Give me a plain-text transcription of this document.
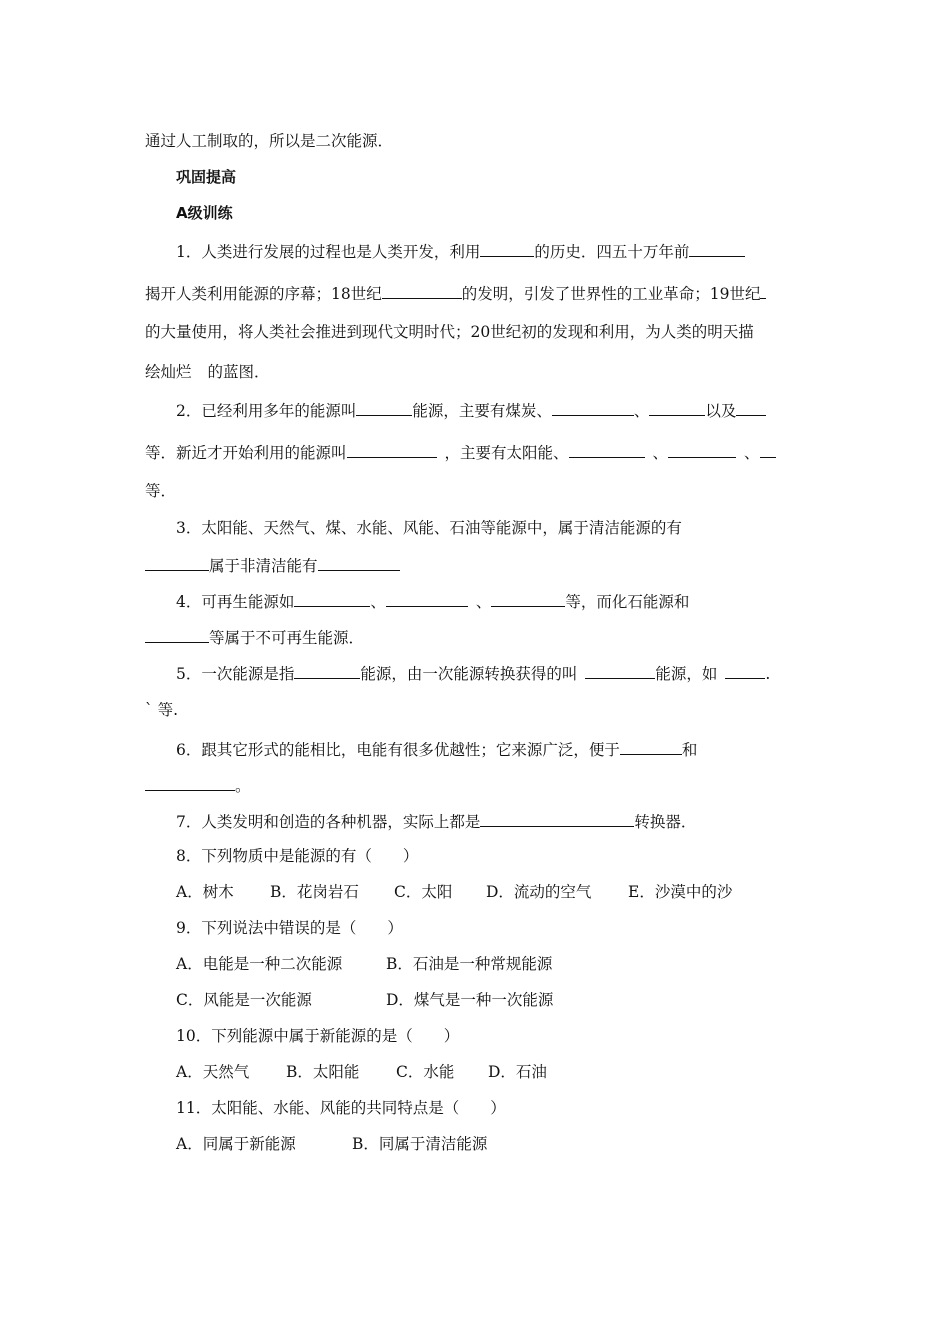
通过人工制取的，所以是二次能源．
巩固提高
A级训练
1．人类进行发展的过程也是人类开发，利用	的历史．四五十万年前
揭开人类利用能源的序幕；18世纪	的发明，引发了世界性的工业革命；19世纪
的大量使用，将人类社会推进到现代文明时代；20世纪初的发现和利用，为人类的明天描
绘灿烂 的蓝图．
2．已经利用多年的能源叫	能源，主要有煤炭、	、	以及
等．新近才开始利用的能源叫	，主要有太阳能、	、	、
等．
3．太阳能、天然气、煤、水能、风能、石油等能源中，属于清洁能源的有
属于非清洁能有
4．可再生能源如	、	、	等，而化石能源和
等属于不可再生能源．
5．一次能源是指	能源，由一次能源转换获得的叫	能源，如	.
` 等.
6．跟其它形式的能相比，电能有很多优越性；它来源广泛，便于	和
。
7．人类发明和创造的各种机器，实际上都是	转换器．
8．下列物质中是能源的有（　　）
A．树木 B．花岗岩石 C．太阳 D．流动的空气 E．沙漠中的沙
9．下列说法中错误的是（　　）
A．电能是一种二次能源	B．石油是一种常规能源
C．风能是一次能源	D．煤气是一种一次能源
10．下列能源中属于新能源的是（　　）
A．天然气 B．太阳能 C．水能 D．石油
11．太阳能、水能、风能的共同特点是（　　）
A．同属于新能源	B．同属于清洁能源
